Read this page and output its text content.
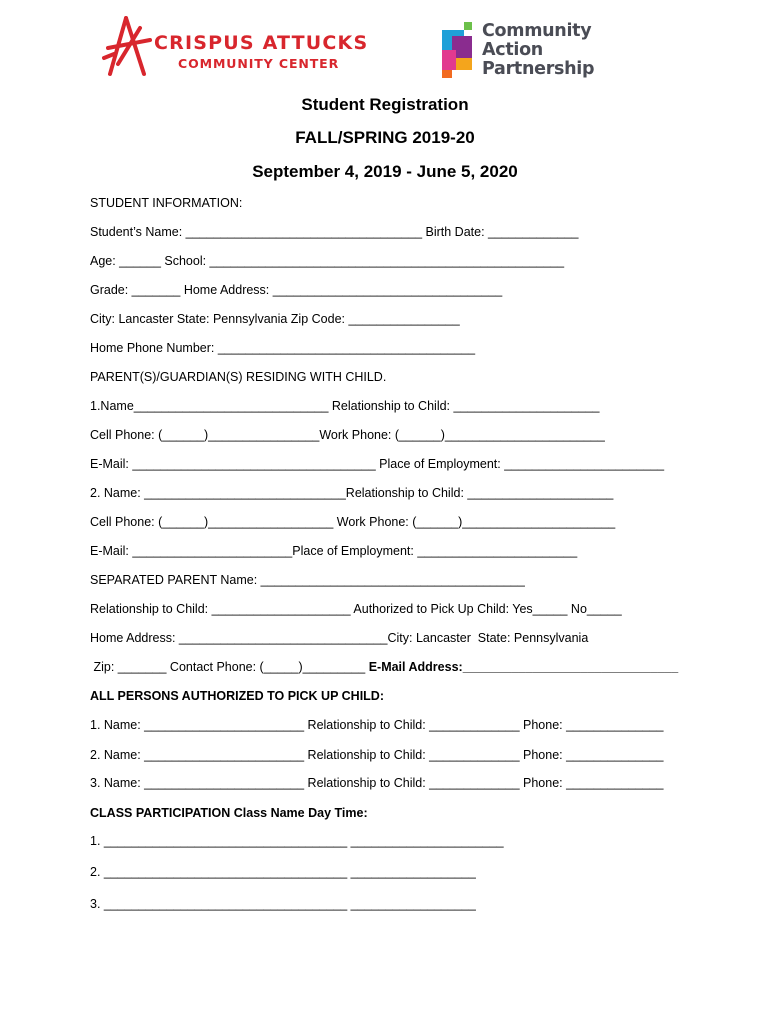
CRISPUS ATTUCKS
COMMUNITY CENTER
Community
Action
Partnership
Student Registration
FALL/SPRING 2019-20
September 4, 2019 - June 5, 2020
STUDENT INFORMATION:
Student’s Name: __________________________________ Birth Date: _____________
Age: ______ School: ___________________________________________________
Grade: _______ Home Address: _________________________________
City: Lancaster State: Pennsylvania Zip Code: ________________
Home Phone Number: _____________________________________
PARENT(S)/GUARDIAN(S) RESIDING WITH CHILD.
1.Name____________________________ Relationship to Child: _____________________
Cell Phone: (______)________________Work Phone: (______)_______________________
E-Mail: ___________________________________ Place of Employment: _______________________
2. Name: _____________________________Relationship to Child: _____________________
Cell Phone: (______)__________________ Work Phone: (______)______________________
E-Mail: _______________________Place of Employment: _______________________
SEPARATED PARENT Name: ______________________________________
Relationship to Child: ____________________ Authorized to Pick Up Child: Yes_____ No_____
Home Address: ______________________________City: Lancaster  State: Pennsylvania
Zip: _______ Contact Phone: (_____)_________ E-Mail Address:_______________________________
ALL PERSONS AUTHORIZED TO PICK UP CHILD:
1. Name: _______________________ Relationship to Child: _____________ Phone: ______________
2. Name: _______________________ Relationship to Child: _____________ Phone: ______________
3. Name: _______________________ Relationship to Child: _____________ Phone: ______________
CLASS PARTICIPATION Class Name Day Time:
1. ___________________________________ ______________________
2. ___________________________________ __________________
3. ___________________________________ __________________
